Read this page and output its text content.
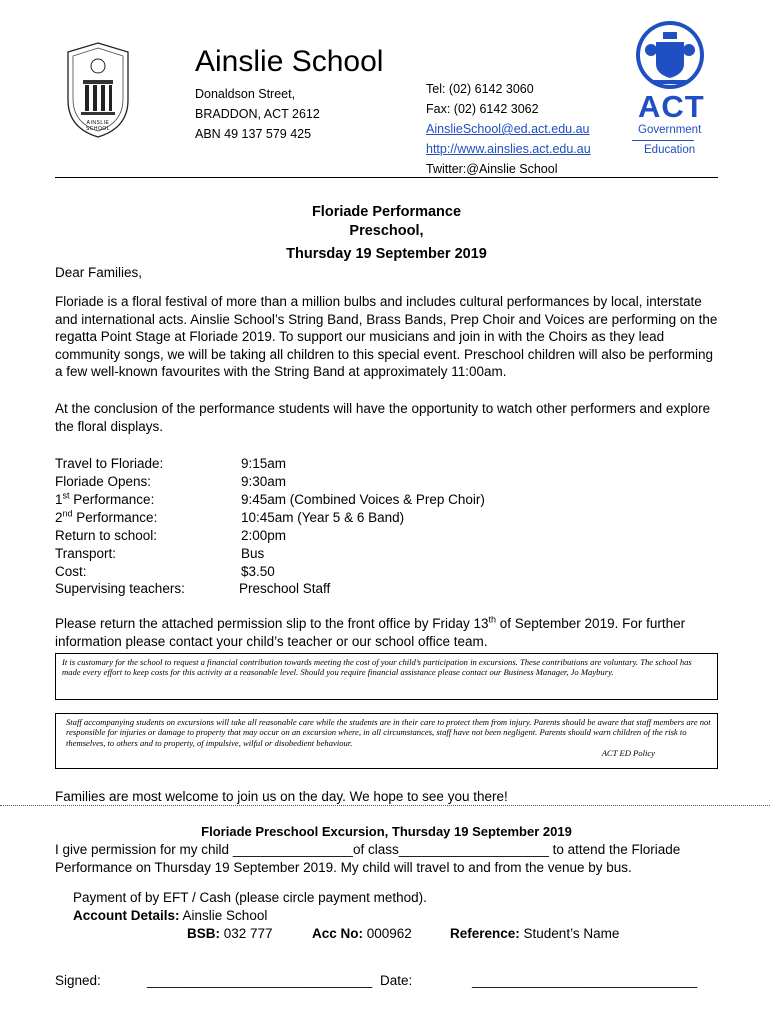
AINSLIE SCHOOL
Ainslie School
Donaldson Street,
BRADDON, ACT 2612
ABN 49 137 579 425
Tel: (02) 6142 3060
Fax: (02) 6142 3062
AinslieSchool@ed.act.edu.au
http://www.ainslies.act.edu.au
Twitter:@Ainslie School
ACT
Government
Education
Floriade Performance
Preschool,
Thursday 19 September 2019
Dear Families,
Floriade is a floral festival of more than a million bulbs and includes cultural performances by local, interstate and international acts. Ainslie School’s String Band, Brass Bands, Prep Choir and Voices are performing on the regatta Point Stage at Floriade 2019. To support our musicians and join in with the Choirs as they lead community songs, we will be taking all children to this special event. Preschool children will also be performing a few well-known favourites with the String Band at approximately 11:00am.
At the conclusion of the performance students will have the opportunity to watch other performers and explore the floral displays.
Travel to Floriade:	9:15am
Floriade Opens:	9:30am
1st Performance:	9:45am (Combined Voices & Prep Choir)
2nd Performance:	10:45am (Year 5 & 6 Band)
Return to school:	2:00pm
Transport:	Bus
Cost:	$3.50
Supervising teachers:	Preschool Staff
Please return the attached permission slip to the front office by Friday 13th of September 2019. For further information please contact your child’s teacher or our school office team.
It is customary for the school to request a financial contribution towards meeting the cost of your child’s participation in excursions. These contributions are voluntary. The school has made every effort to keep costs for this activity at a reasonable level. Should you require financial assistance please contact our Business Manager, Jo Maybury.
Staff accompanying students on excursions will take all reasonable care while the students are in their care to protect them from injury. Parents should be aware that staff members are not responsible for injuries or damage to property that may occur on an excursion where, in all circumstances, staff have not been negligent. Parents should warn children of the risk to themselves, to others and to property, of impulsive, wilful or disobedient behaviour.
ACT ED Policy
Families are most welcome to join us on the day. We hope to see you there!
Floriade Preschool Excursion, Thursday 19 September 2019
I give permission for my child ________________of class____________________ to attend the Floriade
Performance on Thursday 19 September 2019. My child will travel to and from the venue by bus.
Payment of by EFT / Cash (please circle payment method).
Account Details: Ainslie School
BSB: 032 777	Acc No: 000962	Reference: Student’s Name
Signed:	______________________________ Date:	______________________________
